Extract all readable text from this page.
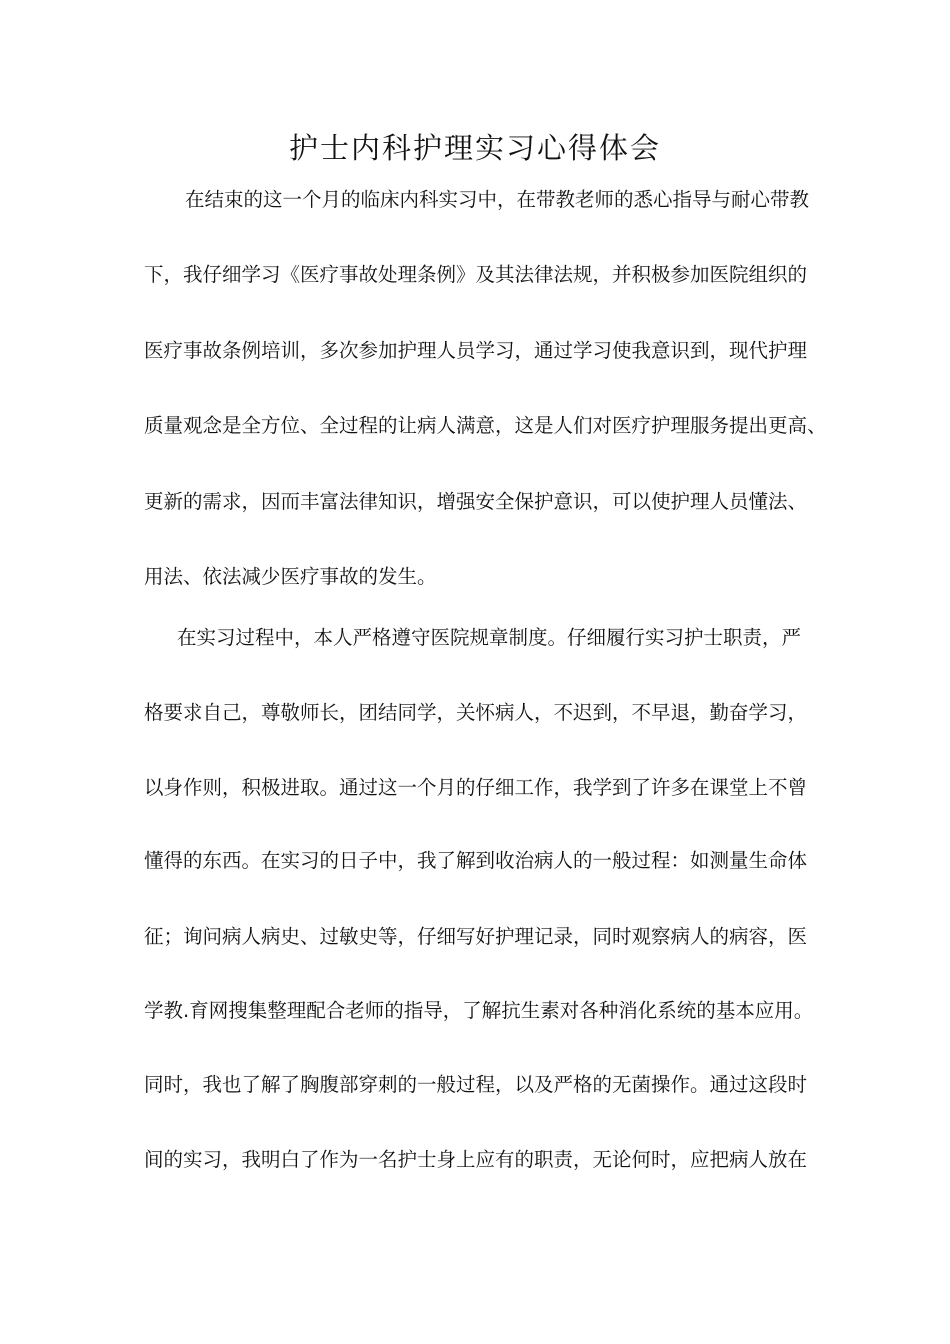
护士内科护理实习心得体会
在结束的这一个月的临床内科实习中，在带教老师的悉心指导与耐心带教
下，我仔细学习《医疗事故处理条例》及其法律法规，并积极参加医院组织的
医疗事故条例培训，多次参加护理人员学习，通过学习使我意识到，现代护理
质量观念是全方位、全过程的让病人满意，这是人们对医疗护理服务提出更高、
更新的需求，因而丰富法律知识，增强安全保护意识，可以使护理人员懂法、
用法、依法减少医疗事故的发生。
在实习过程中，本人严格遵守医院规章制度。仔细履行实习护士职责，严
格要求自己，尊敬师长，团结同学，关怀病人，不迟到，不早退，勤奋学习，
以身作则，积极进取。通过这一个月的仔细工作，我学到了许多在课堂上不曾
懂得的东西。在实习的日子中，我了解到收治病人的一般过程：如测量生命体
征；询问病人病史、过敏史等，仔细写好护理记录，同时观察病人的病容，医
学教.育网搜集整理配合老师的指导，了解抗生素对各种消化系统的基本应用。
同时，我也了解了胸腹部穿刺的一般过程，以及严格的无菌操作。通过这段时
间的实习，我明白了作为一名护士身上应有的职责，无论何时，应把病人放在
